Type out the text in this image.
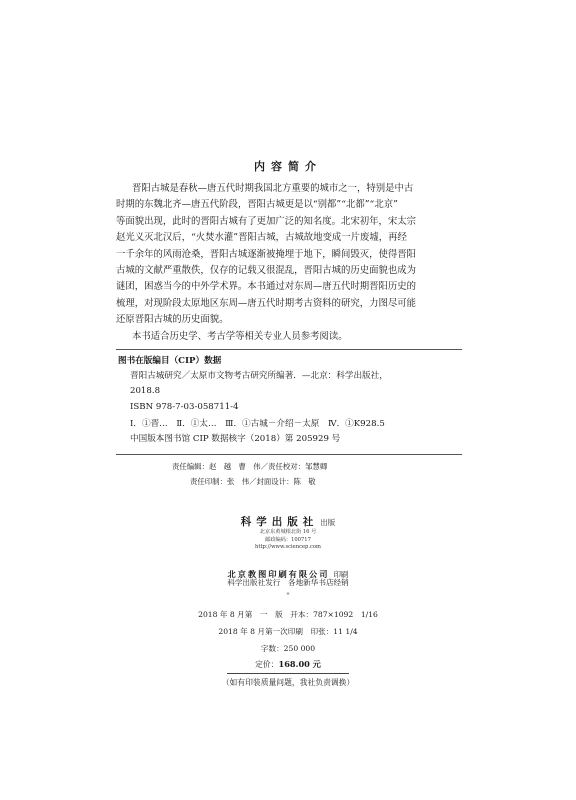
内容简介
晋阳古城是春秋—唐五代时期我国北方重要的城市之一，特别是中古
时期的东魏北齐—唐五代阶段，晋阳古城更是以“别都”“北都”“北京”
等面貌出现，此时的晋阳古城有了更加广泛的知名度。北宋初年，宋太宗
赵光义灭北汉后，“火焚水灌”晋阳古城，古城故地变成一片废墟，再经
一千余年的风雨沧桑，晋阳古城逐渐被掩埋于地下，瞬间毁灭，使得晋阳
古城的文献严重散佚，仅存的记载又很混乱，晋阳古城的历史面貌也成为
谜团，困惑当今的中外学术界。本书通过对东周—唐五代时期晋阳历史的
梳理，对现阶段太原地区东周—唐五代时期考古资料的研究，力图尽可能
还原晋阳古城的历史面貌。
本书适合历史学、考古学等相关专业人员参考阅读。
图书在版编目（CIP）数据
晋阳古城研究／太原市文物考古研究所编著．—北京：科学出版社，
2018.8
ISBN 978-7-03-058711-4
Ⅰ．①晋…　Ⅱ．①太…　Ⅲ．①古城－介绍－太原　Ⅳ．①K928.5
中国版本图书馆 CIP 数据核字（2018）第 205929 号
责任编辑：赵　越　曹　伟／责任校对：邹慧卿
责任印制：张　伟／封面设计：陈　敬
科学出版社 出版
北京东黄城根北街 16 号
邮政编码：100717
http://www.sciencep.com
北京教图印刷有限公司 印刷
科学出版社发行　各地新华书店经销
*
2018 年 8 月第　一　版　开本：787×1092　1/16
2018 年 8 月第一次印刷　印张：11 1/4
字数：250 000
定价：168.00 元
（如有印装质量问题，我社负责调换）
